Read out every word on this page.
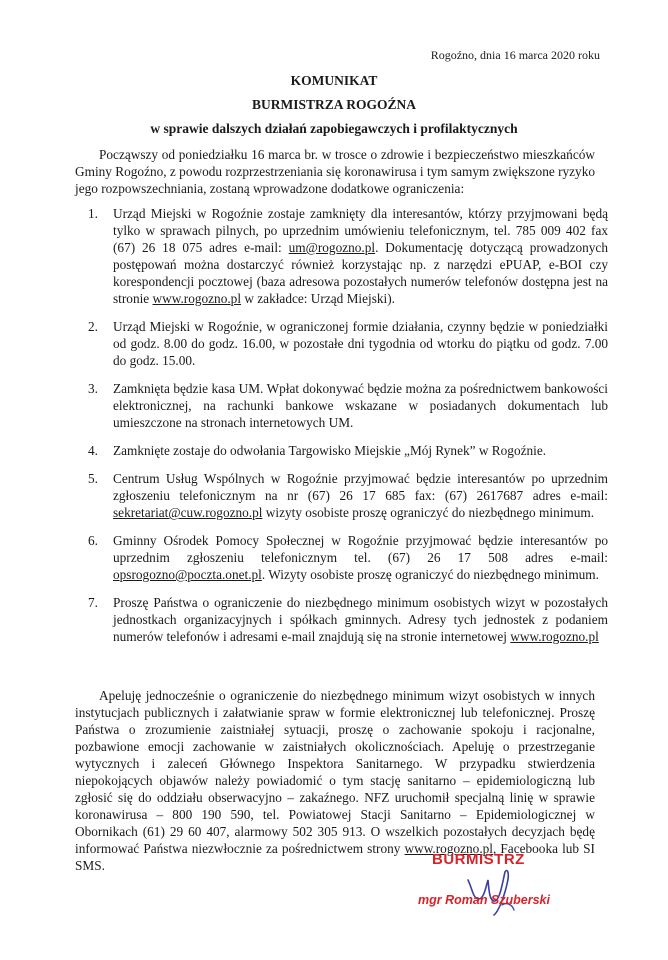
Rogoźno, dnia 16 marca 2020 roku
KOMUNIKAT
BURMISTRZA ROGOŹNA
w sprawie dalszych działań zapobiegawczych i profilaktycznych
Począwszy od poniedziałku 16 marca br. w trosce o zdrowie i bezpieczeństwo mieszkańców Gminy Rogoźno, z powodu rozprzestrzeniania się koronawirusa i tym samym zwiększone ryzyko jego rozpowszechniania, zostaną wprowadzone dodatkowe ograniczenia:
1. Urząd Miejski w Rogoźnie zostaje zamknięty dla interesantów, którzy przyjmowani będą tylko w sprawach pilnych, po uprzednim umówieniu telefonicznym, tel. 785 009 402 fax (67) 26 18 075 adres e-mail: um@rogozno.pl. Dokumentację dotyczącą prowadzonych postępowań można dostarczyć również korzystając np. z narzędzi ePUAP, e-BOI czy korespondencji pocztowej (baza adresowa pozostałych numerów telefonów dostępna jest na stronie www.rogozno.pl w zakładce: Urząd Miejski).
2. Urząd Miejski w Rogoźnie, w ograniczonej formie działania, czynny będzie w poniedziałki od godz. 8.00 do godz. 16.00, w pozostałe dni tygodnia od wtorku do piątku od godz. 7.00 do godz. 15.00.
3. Zamknięta będzie kasa UM. Wpłat dokonywać będzie można za pośrednictwem bankowości elektronicznej, na rachunki bankowe wskazane w posiadanych dokumentach lub umieszczone na stronach internetowych UM.
4. Zamknięte zostaje do odwołania Targowisko Miejskie „Mój Rynek” w Rogoźnie.
5. Centrum Usług Wspólnych w Rogoźnie przyjmować będzie interesantów po uprzednim zgłoszeniu telefonicznym na nr (67) 26 17 685 fax: (67) 2617687 adres e-mail: sekretariat@cuw.rogozno.pl wizyty osobiste proszę ograniczyć do niezbędnego minimum.
6. Gminny Ośrodek Pomocy Społecznej w Rogoźnie przyjmować będzie interesantów po uprzednim zgłoszeniu telefonicznym tel. (67) 26 17 508 adres e-mail: opsrogozno@poczta.onet.pl. Wizyty osobiste proszę ograniczyć do niezbędnego minimum.
7. Proszę Państwa o ograniczenie do niezbędnego minimum osobistych wizyt w pozostałych jednostkach organizacyjnych i spółkach gminnych. Adresy tych jednostek z podaniem numerów telefonów i adresami e-mail znajdują się na stronie internetowej www.rogozno.pl
Apeluję jednocześnie o ograniczenie do niezbędnego minimum wizyt osobistych w innych instytucjach publicznych i załatwianie spraw w formie elektronicznej lub telefonicznej. Proszę Państwa o zrozumienie zaistniałej sytuacji, proszę o zachowanie spokoju i racjonalne, pozbawione emocji zachowanie w zaistniałych okolicznościach. Apeluję o przestrzeganie wytycznych i zaleceń Głównego Inspektora Sanitarnego. W przypadku stwierdzenia niepokojących objawów należy powiadomić o tym stację sanitarno – epidemiologiczną lub zgłosić się do oddziału obserwacyjno – zakaźnego. NFZ uruchomił specjalną linię w sprawie koronawirusa – 800 190 590, tel. Powiatowej Stacji Sanitarno – Epidemiologicznej w Obornikach (61) 29 60 407, alarmowy 502 305 913. O wszelkich pozostałych decyzjach będę informować Państwa niezwłocznie za pośrednictwem strony www.rogozno.pl, Facebooka lub SI SMS.	BURMISTRZ
mgr Roman Szuberski
